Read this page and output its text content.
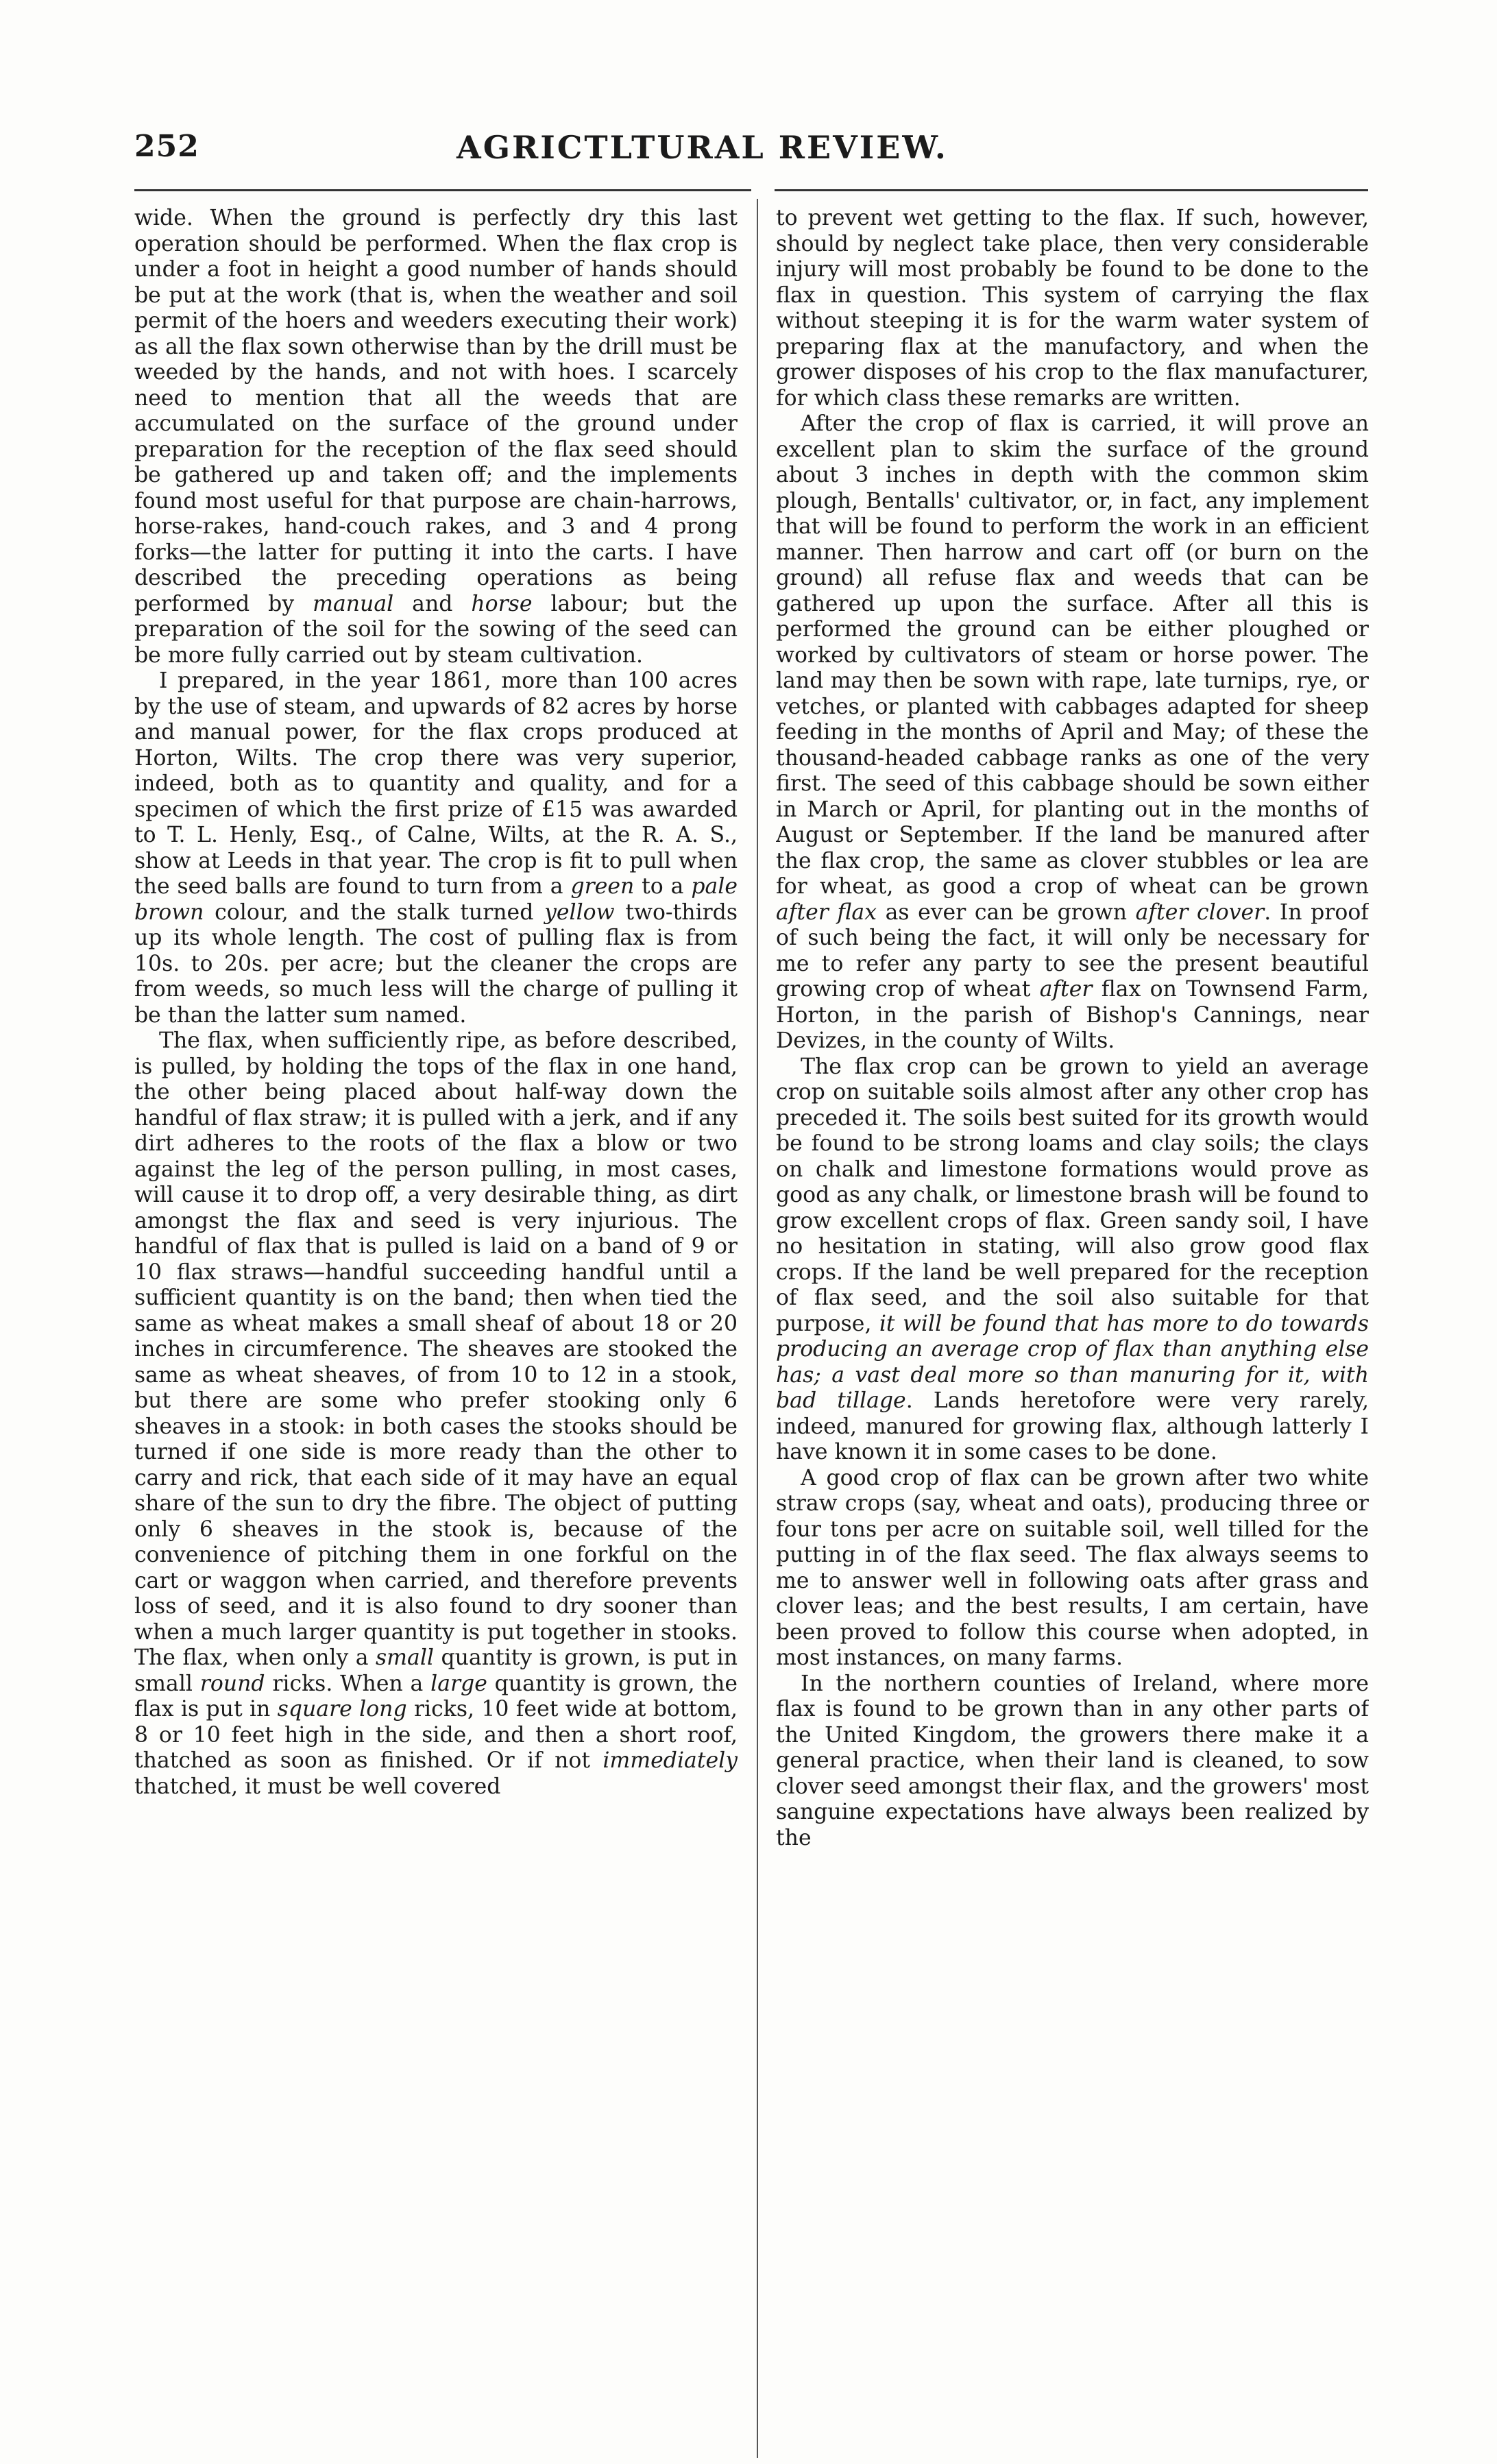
252	AGRICTLTURAL REVIEW.

wide. When the ground is perfectly dry this last operation should be performed. When the flax crop is under a foot in height a good number of hands should be put at the work (that is, when the weather and soil permit of the hoers and weeders executing their work) as all the flax sown otherwise than by the drill must be weeded by the hands, and not with hoes. I scarcely need to mention that all the weeds that are accumulated on the surface of the ground under preparation for the reception of the flax seed should be gathered up and taken off; and the implements found most useful for that purpose are chain-harrows, horse-rakes, hand-couch rakes, and 3 and 4 prong forks—the latter for putting it into the carts. I have described the preceding operations as being performed by manual and horse labour; but the preparation of the soil for the sowing of the seed can be more fully carried out by steam cultivation.

I prepared, in the year 1861, more than 100 acres by the use of steam, and upwards of 82 acres by horse and manual power, for the flax crops produced at Horton, Wilts. The crop there was very superior, indeed, both as to quantity and quality, and for a specimen of which the first prize of £15 was awarded to T. L. Henly, Esq., of Calne, Wilts, at the R. A. S., show at Leeds in that year. The crop is fit to pull when the seed balls are found to turn from a green to a pale brown colour, and the stalk turned yellow two-thirds up its whole length. The cost of pulling flax is from 10s. to 20s. per acre; but the cleaner the crops are from weeds, so much less will the charge of pulling it be than the latter sum named.

The flax, when sufficiently ripe, as before described, is pulled, by holding the tops of the flax in one hand, the other being placed about half-way down the handful of flax straw; it is pulled with a jerk, and if any dirt adheres to the roots of the flax a blow or two against the leg of the person pulling, in most cases, will cause it to drop off, a very desirable thing, as dirt amongst the flax and seed is very injurious. The handful of flax that is pulled is laid on a band of 9 or 10 flax straws—handful succeeding handful until a sufficient quantity is on the band; then when tied the same as wheat makes a small sheaf of about 18 or 20 inches in circumference. The sheaves are stooked the same as wheat sheaves, of from 10 to 12 in a stook, but there are some who prefer stooking only 6 sheaves in a stook: in both cases the stooks should be turned if one side is more ready than the other to carry and rick, that each side of it may have an equal share of the sun to dry the fibre. The object of putting only 6 sheaves in the stook is, because of the convenience of pitching them in one forkful on the cart or waggon when carried, and therefore prevents loss of seed, and it is also found to dry sooner than when a much larger quantity is put together in stooks. The flax, when only a small quantity is grown, is put in small round ricks. When a large quantity is grown, the flax is put in square long ricks, 10 feet wide at bottom, 8 or 10 feet high in the side, and then a short roof, thatched as soon as finished. Or if not immediately thatched, it must be well covered

to prevent wet getting to the flax. If such, however, should by neglect take place, then very considerable injury will most probably be found to be done to the flax in question. This system of carrying the flax without steeping it is for the warm water system of preparing flax at the manufactory, and when the grower disposes of his crop to the flax manufacturer, for which class these remarks are written.

After the crop of flax is carried, it will prove an excellent plan to skim the surface of the ground about 3 inches in depth with the common skim plough, Bentalls' cultivator, or, in fact, any implement that will be found to perform the work in an efficient manner. Then harrow and cart off (or burn on the ground) all refuse flax and weeds that can be gathered up upon the surface. After all this is performed the ground can be either ploughed or worked by cultivators of steam or horse power. The land may then be sown with rape, late turnips, rye, or vetches, or planted with cabbages adapted for sheep feeding in the months of April and May; of these the thousand-headed cabbage ranks as one of the very first. The seed of this cabbage should be sown either in March or April, for planting out in the months of August or September. If the land be manured after the flax crop, the same as clover stubbles or lea are for wheat, as good a crop of wheat can be grown after flax as ever can be grown after clover. In proof of such being the fact, it will only be necessary for me to refer any party to see the present beautiful growing crop of wheat after flax on Townsend Farm, Horton, in the parish of Bishop's Cannings, near Devizes, in the county of Wilts.

The flax crop can be grown to yield an average crop on suitable soils almost after any other crop has preceded it. The soils best suited for its growth would be found to be strong loams and clay soils; the clays on chalk and limestone formations would prove as good as any chalk, or limestone brash will be found to grow excellent crops of flax. Green sandy soil, I have no hesitation in stating, will also grow good flax crops. If the land be well prepared for the reception of flax seed, and the soil also suitable for that purpose, it will be found that has more to do towards producing an average crop of flax than anything else has; a vast deal more so than manuring for it, with bad tillage. Lands heretofore were very rarely, indeed, manured for growing flax, although latterly I have known it in some cases to be done.

A good crop of flax can be grown after two white straw crops (say, wheat and oats), producing three or four tons per acre on suitable soil, well tilled for the putting in of the flax seed. The flax always seems to me to answer well in following oats after grass and clover leas; and the best results, I am certain, have been proved to follow this course when adopted, in most instances, on many farms.

In the northern counties of Ireland, where more flax is found to be grown than in any other parts of the United Kingdom, the growers there make it a general practice, when their land is cleaned, to sow clover seed amongst their flax, and the growers' most sanguine expectations have always been realized by the
